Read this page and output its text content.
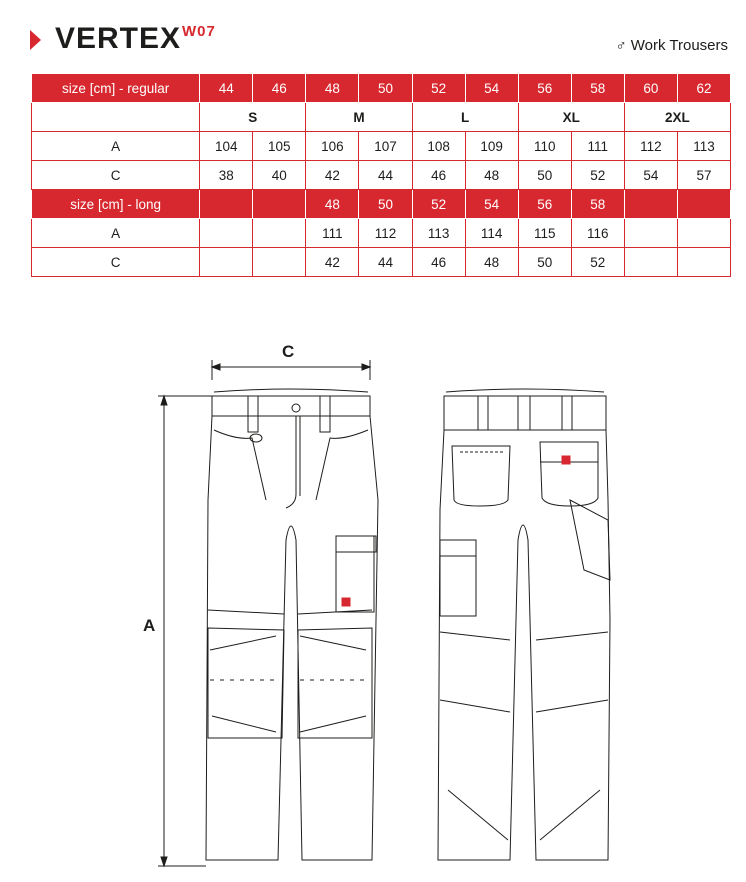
VERTEX W07
♂ Work Trousers
size [cm] - regular	44	46	48	50	52	54	56	58	60	62
	S		M		L		XL		2XL	
A	104	105	106	107	108	109	110	111	112	113
C	38	40	42	44	46	48	50	52	54	57
size [cm] - long			48	50	52	54	56	58		
A			111	112	113	114	115	116		
C			42	44	46	48	50	52		
C
A
